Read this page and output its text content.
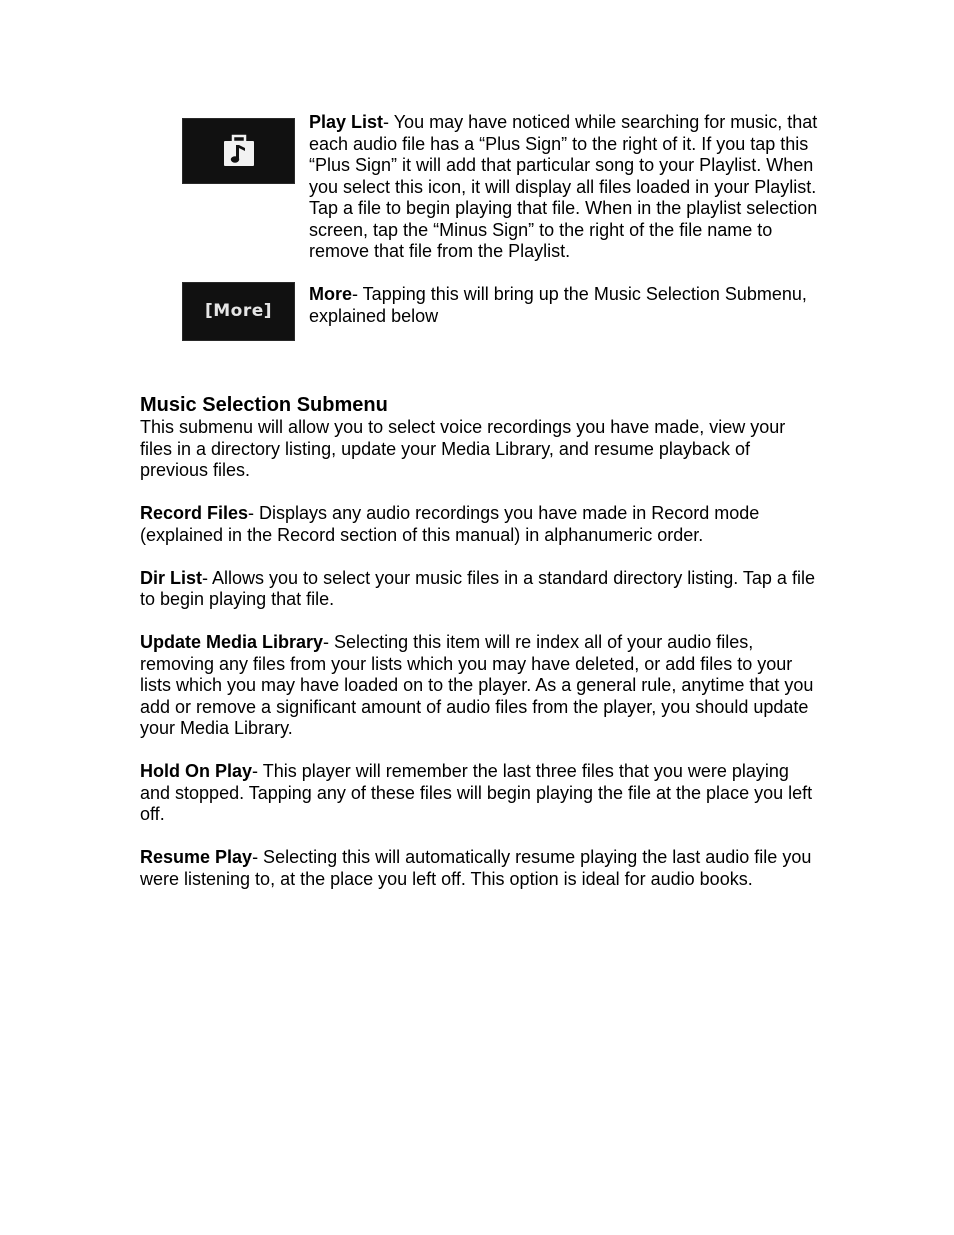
Play List- You may have noticed while searching for music, that each audio file has a “Plus Sign” to the right of it. If you tap this “Plus Sign” it will add that particular song to your Playlist. When you select this icon, it will display all files loaded in your Playlist. Tap a file to begin playing that file. When in the playlist selection screen, tap the “Minus Sign” to the right of the file name to remove that file from the Playlist.
[More]
More- Tapping this will bring up the Music Selection Submenu, explained below
Music Selection Submenu

This submenu will allow you to select voice recordings you have made, view your files in a directory listing, update your Media Library, and resume playback of previous files.

Record Files- Displays any audio recordings you have made in Record mode (explained in the Record section of this manual) in alphanumeric order.

Dir List- Allows you to select your music files in a standard directory listing. Tap a file to begin playing that file.

Update Media Library- Selecting this item will re index all of your audio files, removing any files from your lists which you may have deleted, or add files to your lists which you may have loaded on to the player. As a general rule, anytime that you add or remove a significant amount of audio files from the player, you should update your Media Library.

Hold On Play- This player will remember the last three files that you were playing and stopped. Tapping any of these files will begin playing the file at the place you left off.

Resume Play- Selecting this will automatically resume playing the last audio file you were listening to, at the place you left off. This option is ideal for audio books.
